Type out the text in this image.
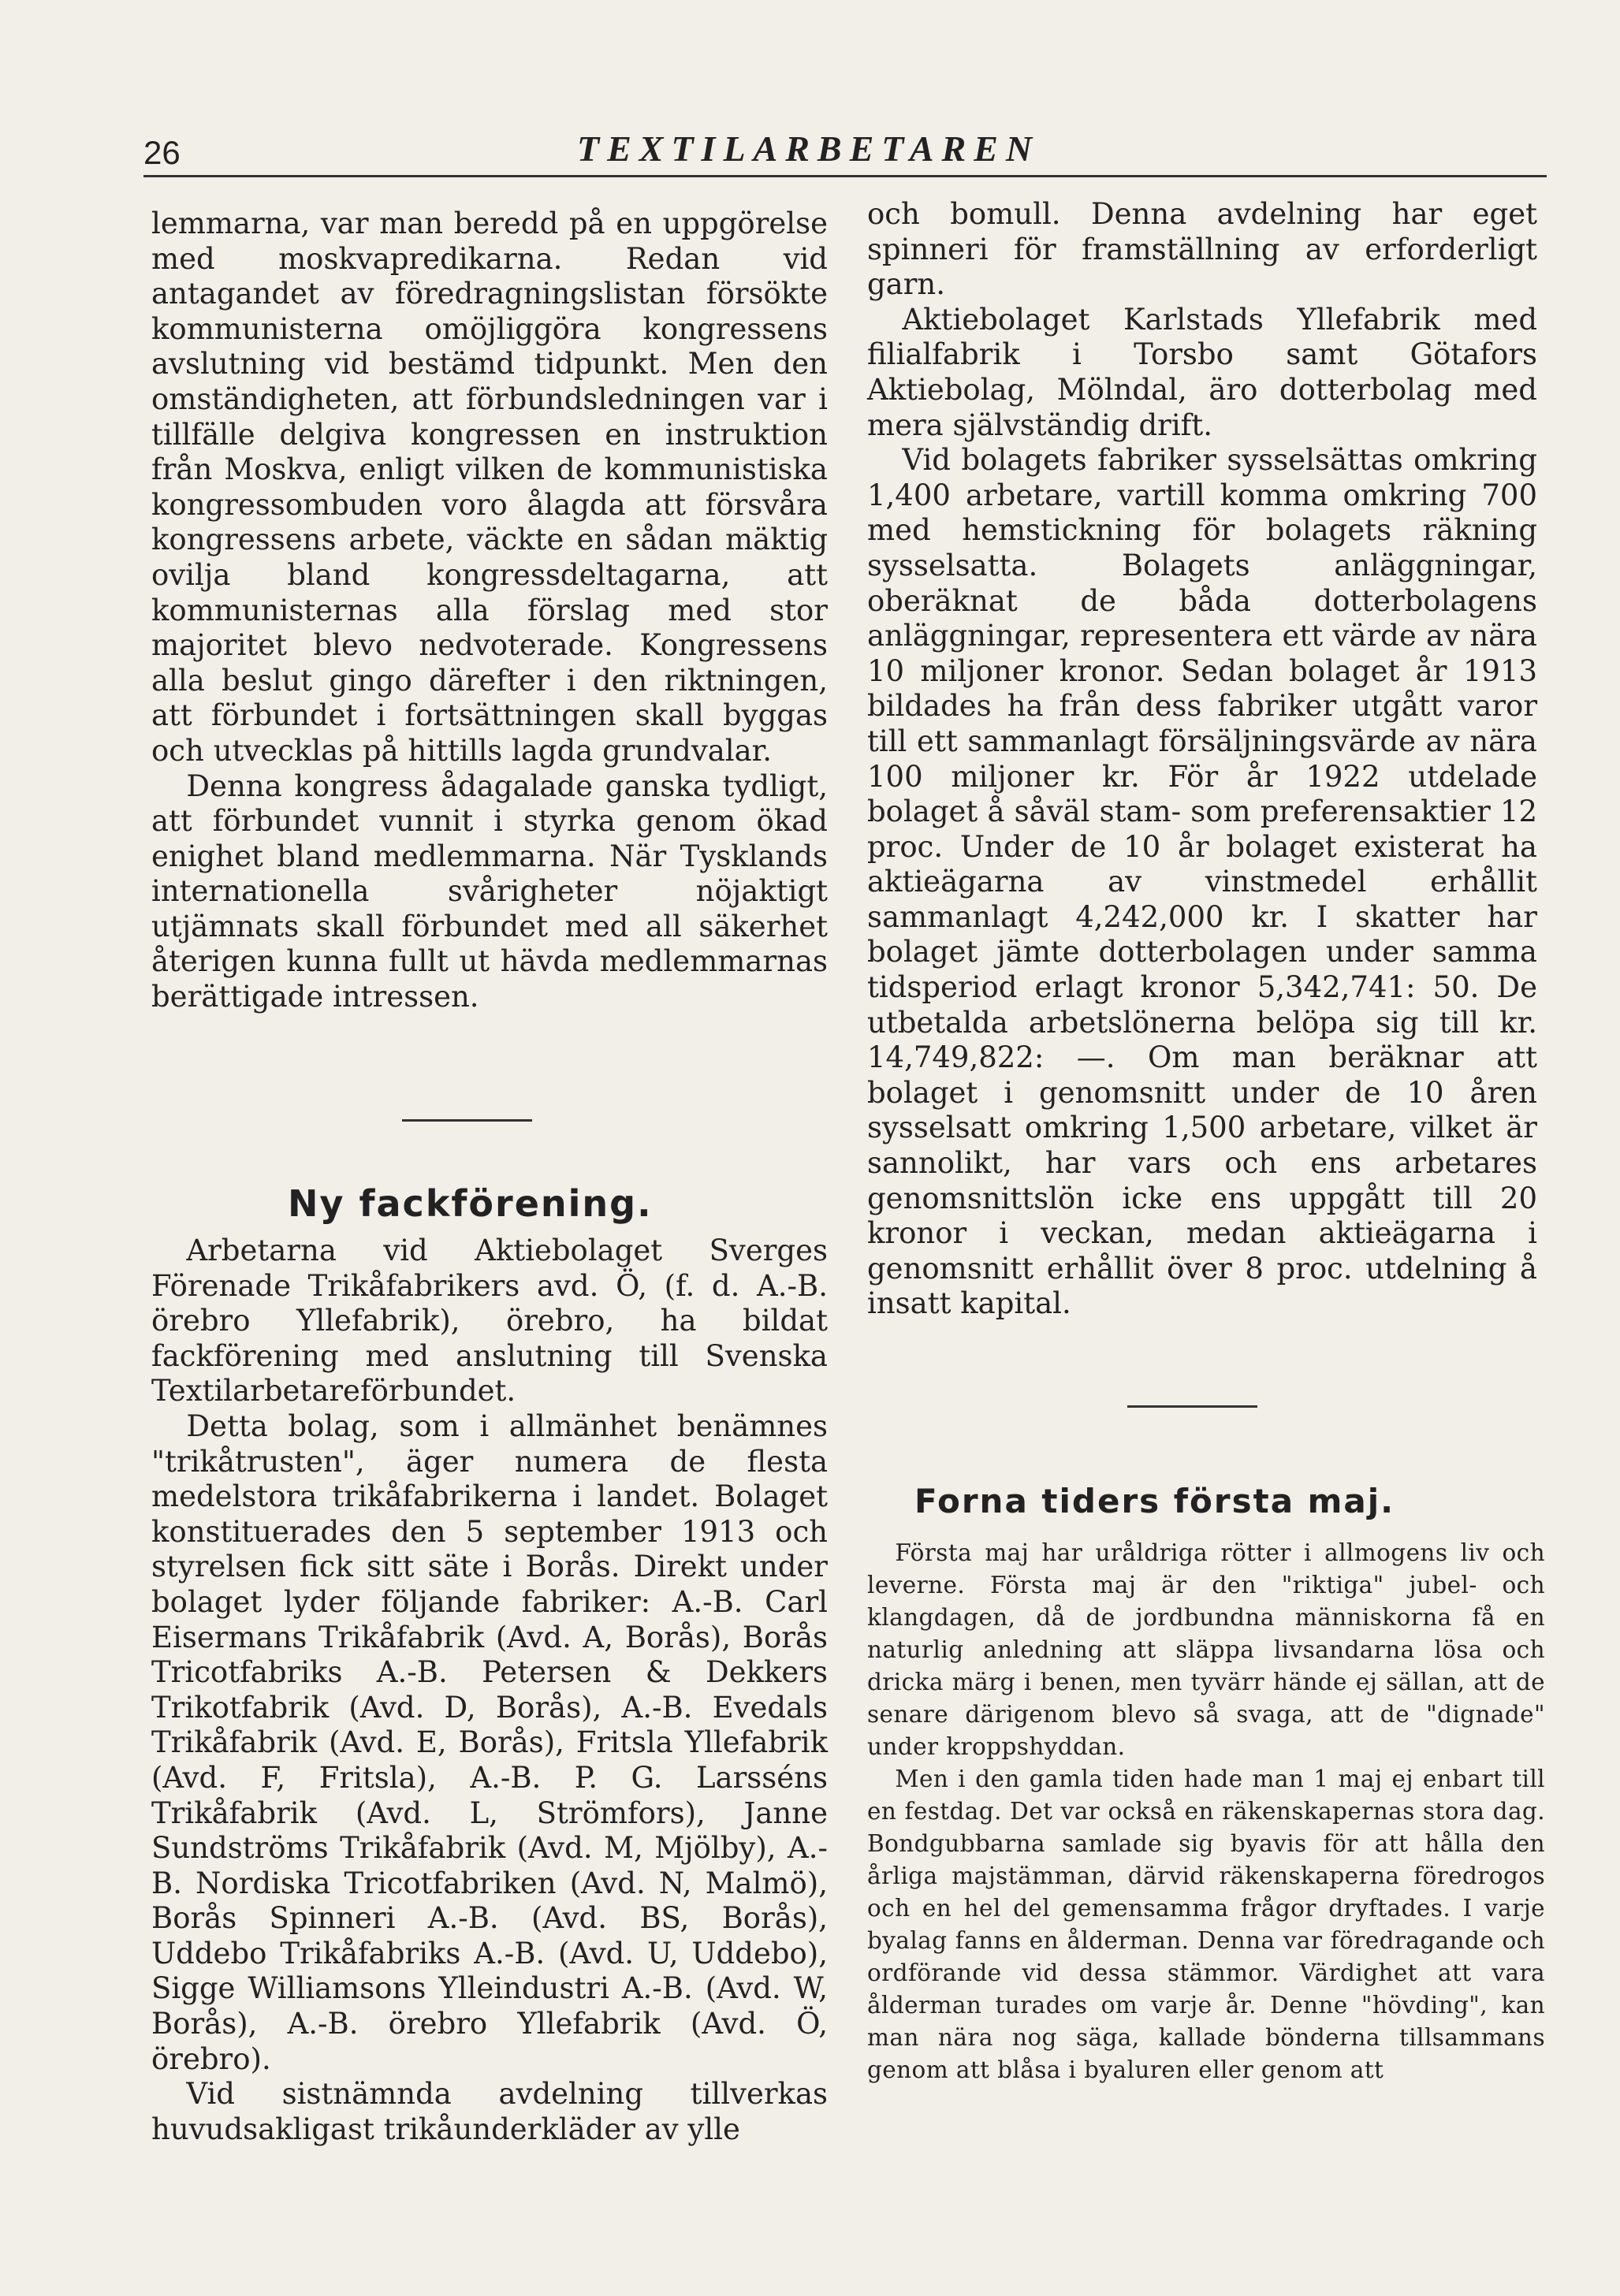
26	TEXTILARBETAREN

lemmarna, var man beredd på en uppgörelse med moskvapredikarna. Redan vid antagandet av föredragningslistan försökte kommunisterna omöjliggöra kongressens avslutning vid bestämd tidpunkt. Men den omständigheten, att förbundsledningen var i tillfälle delgiva kongressen en instruktion från Moskva, enligt vilken de kommunistiska kongressombuden voro ålagda att försvåra kongressens arbete, väckte en sådan mäktig ovilja bland kongressdeltagarna, att kommunisternas alla förslag med stor majoritet blevo nedvoterade. Kongressens alla beslut gingo därefter i den riktningen, att förbundet i fortsättningen skall byggas och utvecklas på hittills lagda grundvalar.

Denna kongress ådagalade ganska tydligt, att förbundet vunnit i styrka genom ökad enighet bland medlemmarna. När Tysklands internationella svårigheter nöjaktigt utjämnats skall förbundet med all säkerhet återigen kunna fullt ut hävda medlemmarnas berättigade intressen.

Ny fackförening.

Arbetarna vid Aktiebolaget Sverges Förenade Trikåfabrikers avd. Ö, (f. d. A.-B. örebro Yllefabrik), örebro, ha bildat fackförening med anslutning till Svenska Textilarbetareförbundet.

Detta bolag, som i allmänhet benämnes "trikåtrusten", äger numera de flesta medelstora trikåfabrikerna i landet. Bolaget konstituerades den 5 september 1913 och styrelsen fick sitt säte i Borås. Direkt under bolaget lyder följande fabriker: A.-B. Carl Eisermans Trikåfabrik (Avd. A, Borås), Borås Tricotfabriks A.-B. Petersen & Dekkers Trikotfabrik (Avd. D, Borås), A.-B. Evedals Trikåfabrik (Avd. E, Borås), Fritsla Yllefabrik (Avd. F, Fritsla), A.-B. P. G. Larsséns Trikåfabrik (Avd. L, Strömfors), Janne Sundströms Trikåfabrik (Avd. M, Mjölby), A.-B. Nordiska Tricotfabriken (Avd. N, Malmö), Borås Spinneri A.-B. (Avd. BS, Borås), Uddebo Trikåfabriks A.-B. (Avd. U, Uddebo), Sigge Williamsons Ylleindustri A.-B. (Avd. W, Borås), A.-B. örebro Yllefabrik (Avd. Ö, örebro).

Vid sistnämnda avdelning tillverkas huvudsakligast trikåunderkläder av ylle

och bomull. Denna avdelning har eget spinneri för framställning av erforderligt garn.

Aktiebolaget Karlstads Yllefabrik med filialfabrik i Torsbo samt Götafors Aktiebolag, Mölndal, äro dotterbolag med mera självständig drift.

Vid bolagets fabriker sysselsättas omkring 1,400 arbetare, vartill komma omkring 700 med hemstickning för bolagets räkning sysselsatta. Bolagets anläggningar, oberäknat de båda dotterbolagens anläggningar, representera ett värde av nära 10 miljoner kronor. Sedan bolaget år 1913 bildades ha från dess fabriker utgått varor till ett sammanlagt försäljningsvärde av nära 100 miljoner kr. För år 1922 utdelade bolaget å såväl stam- som preferensaktier 12 proc. Under de 10 år bolaget existerat ha aktieägarna av vinstmedel erhållit sammanlagt 4,242,000 kr. I skatter har bolaget jämte dotterbolagen under samma tidsperiod erlagt kronor 5,342,741: 50. De utbetalda arbetslönerna belöpa sig till kr. 14,749,822: —. Om man beräknar att bolaget i genomsnitt under de 10 åren sysselsatt omkring 1,500 arbetare, vilket är sannolikt, har vars och ens arbetares genomsnittslön icke ens uppgått till 20 kronor i veckan, medan aktieägarna i genomsnitt erhållit över 8 proc. utdelning å insatt kapital.

Forna tiders första maj.

Första maj har uråldriga rötter i allmogens liv och leverne. Första maj är den "riktiga" jubel- och klangdagen, då de jordbundna människorna få en naturlig anledning att släppa livsandarna lösa och dricka märg i benen, men tyvärr hände ej sällan, att de senare därigenom blevo så svaga, att de "dignade" under kroppshyddan.

Men i den gamla tiden hade man 1 maj ej enbart till en festdag. Det var också en räkenskapernas stora dag. Bondgubbarna samlade sig byavis för att hålla den årliga majstämman, därvid räkenskaperna föredrogos och en hel del gemensamma frågor dryftades. I varje byalag fanns en ålderman. Denna var föredragande och ordförande vid dessa stämmor. Värdighet att vara ålderman turades om varje år. Denne "hövding", kan man nära nog säga, kallade bönderna tillsammans genom att blåsa i byaluren eller genom att
